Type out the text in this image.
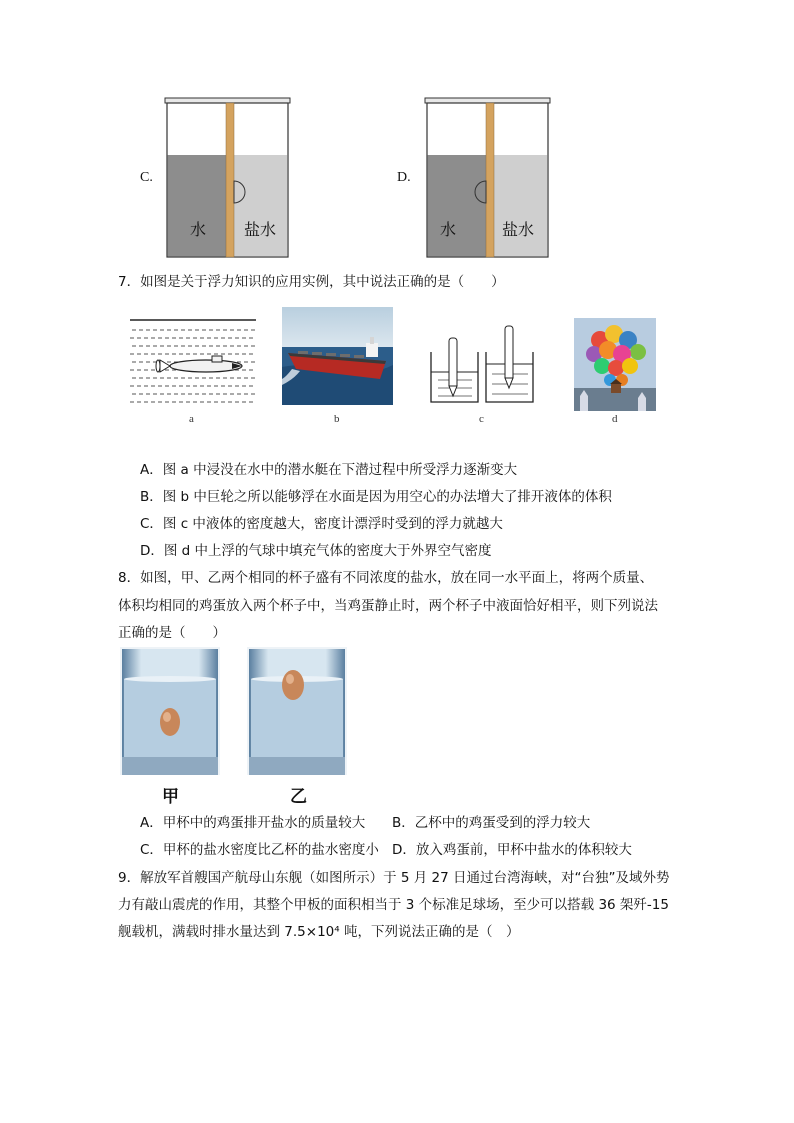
C.
水 盐水
D.
水	盐水
7．如图是关于浮力知识的应用实例，其中说法正确的是（　　）
a	b	c	d
A．图 a 中浸没在水中的潜水艇在下潜过程中所受浮力逐渐变大
B．图 b 中巨轮之所以能够浮在水面是因为用空心的办法增大了排开液体的体积
C．图 c 中液体的密度越大，密度计漂浮时受到的浮力就越大
D．图 d 中上浮的气球中填充气体的密度大于外界空气密度
8．如图，甲、乙两个相同的杯子盛有不同浓度的盐水，放在同一水平面上，将两个质量、
体积均相同的鸡蛋放入两个杯子中，当鸡蛋静止时，两个杯子中液面恰好相平，则下列说法
正确的是（　　）
甲	乙
A．甲杯中的鸡蛋排开盐水的质量较大 B．乙杯中的鸡蛋受到的浮力较大
C．甲杯的盐水密度比乙杯的盐水密度小 D．放入鸡蛋前，甲杯中盐水的体积较大
9．解放军首艘国产航母山东舰（如图所示）于 5 月 27 日通过台湾海峡，对“台独”及域外势
力有敲山震虎的作用，其整个甲板的面积相当于 3 个标准足球场，至少可以搭载 36 架歼-15
舰载机，满载时排水量达到 7.5×10⁴ 吨，下列说法正确的是（　）
